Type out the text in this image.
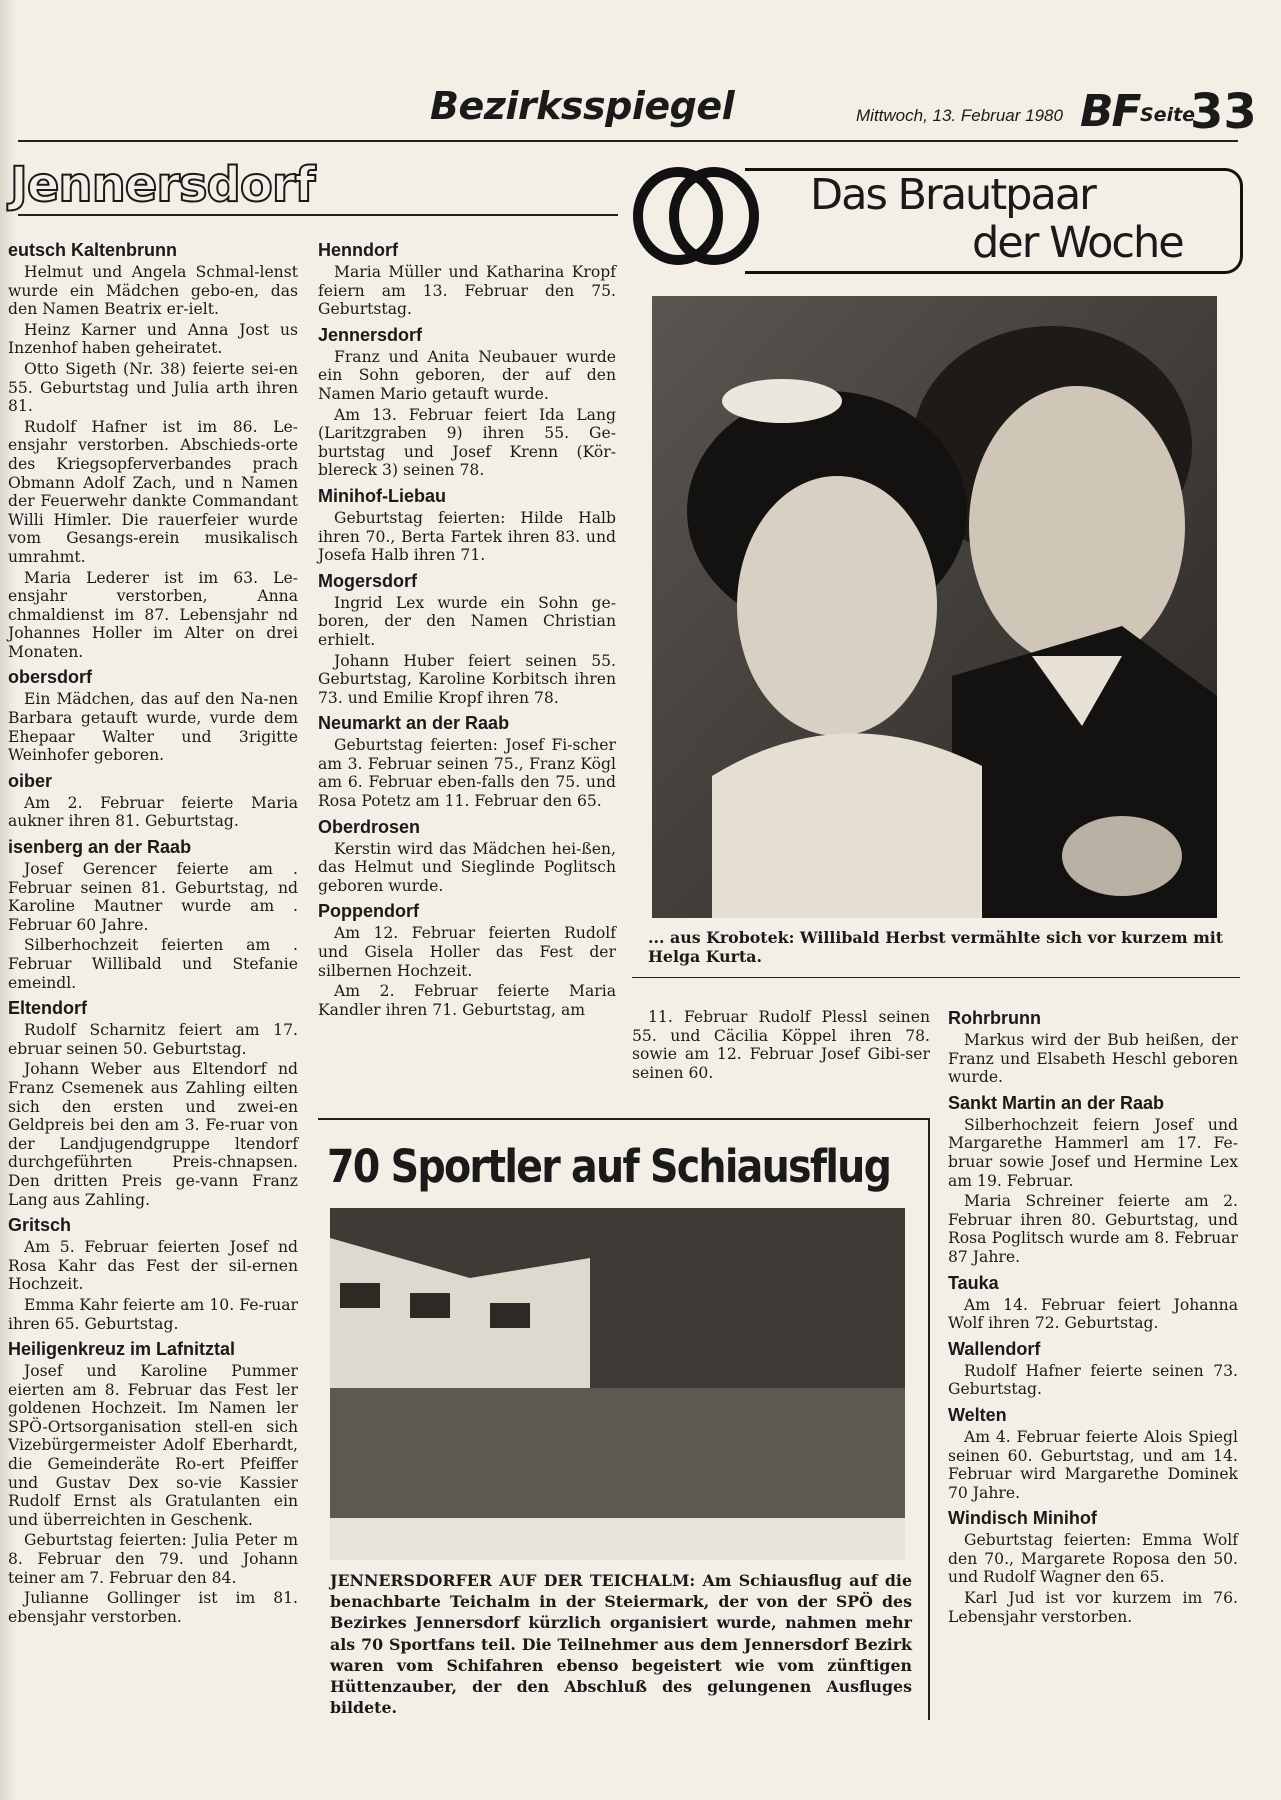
Bezirksspiegel	Mittwoch, 13. Februar 1980 BF Seite
33
Jennersdorf
eutsch Kaltenbrunn

Helmut und Angela Schmal-lenst wurde ein Mädchen gebo-en, das den Namen Beatrix er-ielt.

Heinz Karner und Anna Jost us Inzenhof haben geheiratet.

Otto Sigeth (Nr. 38) feierte sei-en 55. Geburtstag und Julia arth ihren 81.

Rudolf Hafner ist im 86. Le-ensjahr verstorben. Abschieds-orte des Kriegsopferverbandes prach Obmann Adolf Zach, und n Namen der Feuerwehr dankte Commandant Willi Himler. Die rauerfeier wurde vom Gesangs-erein musikalisch umrahmt.

Maria Lederer ist im 63. Le-ensjahr verstorben, Anna chmaldienst im 87. Lebensjahr nd Johannes Holler im Alter on drei Monaten.

obersdorf

Ein Mädchen, das auf den Na-nen Barbara getauft wurde, vurde dem Ehepaar Walter und 3rigitte Weinhofer geboren.

oiber

Am 2. Februar feierte Maria aukner ihren 81. Geburtstag.

isenberg an der Raab

Josef Gerencer feierte am . Februar seinen 81. Geburtstag, nd Karoline Mautner wurde am . Februar 60 Jahre.

Silberhochzeit feierten am . Februar Willibald und Stefanie emeindl.

Eltendorf

Rudolf Scharnitz feiert am 17. ebruar seinen 50. Geburtstag.

Johann Weber aus Eltendorf nd Franz Csemenek aus Zahling eilten sich den ersten und zwei-en Geldpreis bei den am 3. Fe-ruar von der Landjugendgruppe ltendorf durchgeführten Preis-chnapsen. Den dritten Preis ge-vann Franz Lang aus Zahling.

Gritsch

Am 5. Februar feierten Josef nd Rosa Kahr das Fest der sil-ernen Hochzeit.

Emma Kahr feierte am 10. Fe-ruar ihren 65. Geburtstag.

Heiligenkreuz im Lafnitztal

Josef und Karoline Pummer eierten am 8. Februar das Fest ler goldenen Hochzeit. Im Namen ler SPÖ-Ortsorganisation stell-en sich Vizebürgermeister Adolf Eberhardt, die Gemeinderäte Ro-ert Pfeiffer und Gustav Dex so-vie Kassier Rudolf Ernst als Gratulanten ein und überreichten in Geschenk.

Geburtstag feierten: Julia Peter m 8. Februar den 79. und Johann teiner am 7. Februar den 84.

Julianne Gollinger ist im 81. ebensjahr verstorben.

Henndorf

Maria Müller und Katharina Kropf feiern am 13. Februar den 75. Geburtstag.

Jennersdorf

Franz und Anita Neubauer wurde ein Sohn geboren, der auf den Namen Mario getauft wurde.

Am 13. Februar feiert Ida Lang (Laritzgraben 9) ihren 55. Ge-burtstag und Josef Krenn (Kör-blereck 3) seinen 78.

Minihof-Liebau

Geburtstag feierten: Hilde Halb ihren 70., Berta Fartek ihren 83. und Josefa Halb ihren 71.

Mogersdorf

Ingrid Lex wurde ein Sohn ge-boren, der den Namen Christian erhielt.

Johann Huber feiert seinen 55. Geburtstag, Karoline Korbitsch ihren 73. und Emilie Kropf ihren 78.

Neumarkt an der Raab

Geburtstag feierten: Josef Fi-scher am 3. Februar seinen 75., Franz Kögl am 6. Februar eben-falls den 75. und Rosa Potetz am 11. Februar den 65.

Oberdrosen

Kerstin wird das Mädchen hei-ßen, das Helmut und Sieglinde Poglitsch geboren wurde.

Poppendorf

Am 12. Februar feierten Rudolf und Gisela Holler das Fest der silbernen Hochzeit.

Am 2. Februar feierte Maria Kandler ihren 71. Geburtstag, am	11. Februar Rudolf Plessl seinen 55. und Cäcilia Köppel ihren 78. sowie am 12. Februar Josef Gibi-ser seinen 60.

Rohrbrunn

Markus wird der Bub heißen, der Franz und Elsabeth Heschl geboren wurde.

Sankt Martin an der Raab

Silberhochzeit feiern Josef und Margarethe Hammerl am 17. Fe-bruar sowie Josef und Hermine Lex am 19. Februar.

Maria Schreiner feierte am 2. Februar ihren 80. Geburtstag, und Rosa Poglitsch wurde am 8. Februar 87 Jahre.

Tauka

Am 14. Februar feiert Johanna Wolf ihren 72. Geburtstag.

Wallendorf

Rudolf Hafner feierte seinen 73. Geburtstag.

Welten

Am 4. Februar feierte Alois Spiegl seinen 60. Geburtstag, und am 14. Februar wird Margarethe Dominek 70 Jahre.

Windisch Minihof

Geburtstag feierten: Emma Wolf den 70., Margarete Roposa den 50. und Rudolf Wagner den 65.

Karl Jud ist vor kurzem im 76. Lebensjahr verstorben.

Das Brautpaar
der Woche
... aus Krobotek: Willibald Herbst vermählte sich vor kurzem mit Helga Kurta.
70 Sportler auf Schiausflug
JENNERSDORFER AUF DER TEICHALM: Am Schiausflug auf die benachbarte Teichalm in der Steiermark, der von der SPÖ des Bezirkes Jennersdorf kürzlich organisiert wurde, nahmen mehr als 70 Sportfans teil. Die Teilnehmer aus dem Jennersdorf Bezirk waren vom Schifahren ebenso begeistert wie vom zünftigen Hüttenzauber, der den Abschluß des gelungenen Ausfluges bildete.
